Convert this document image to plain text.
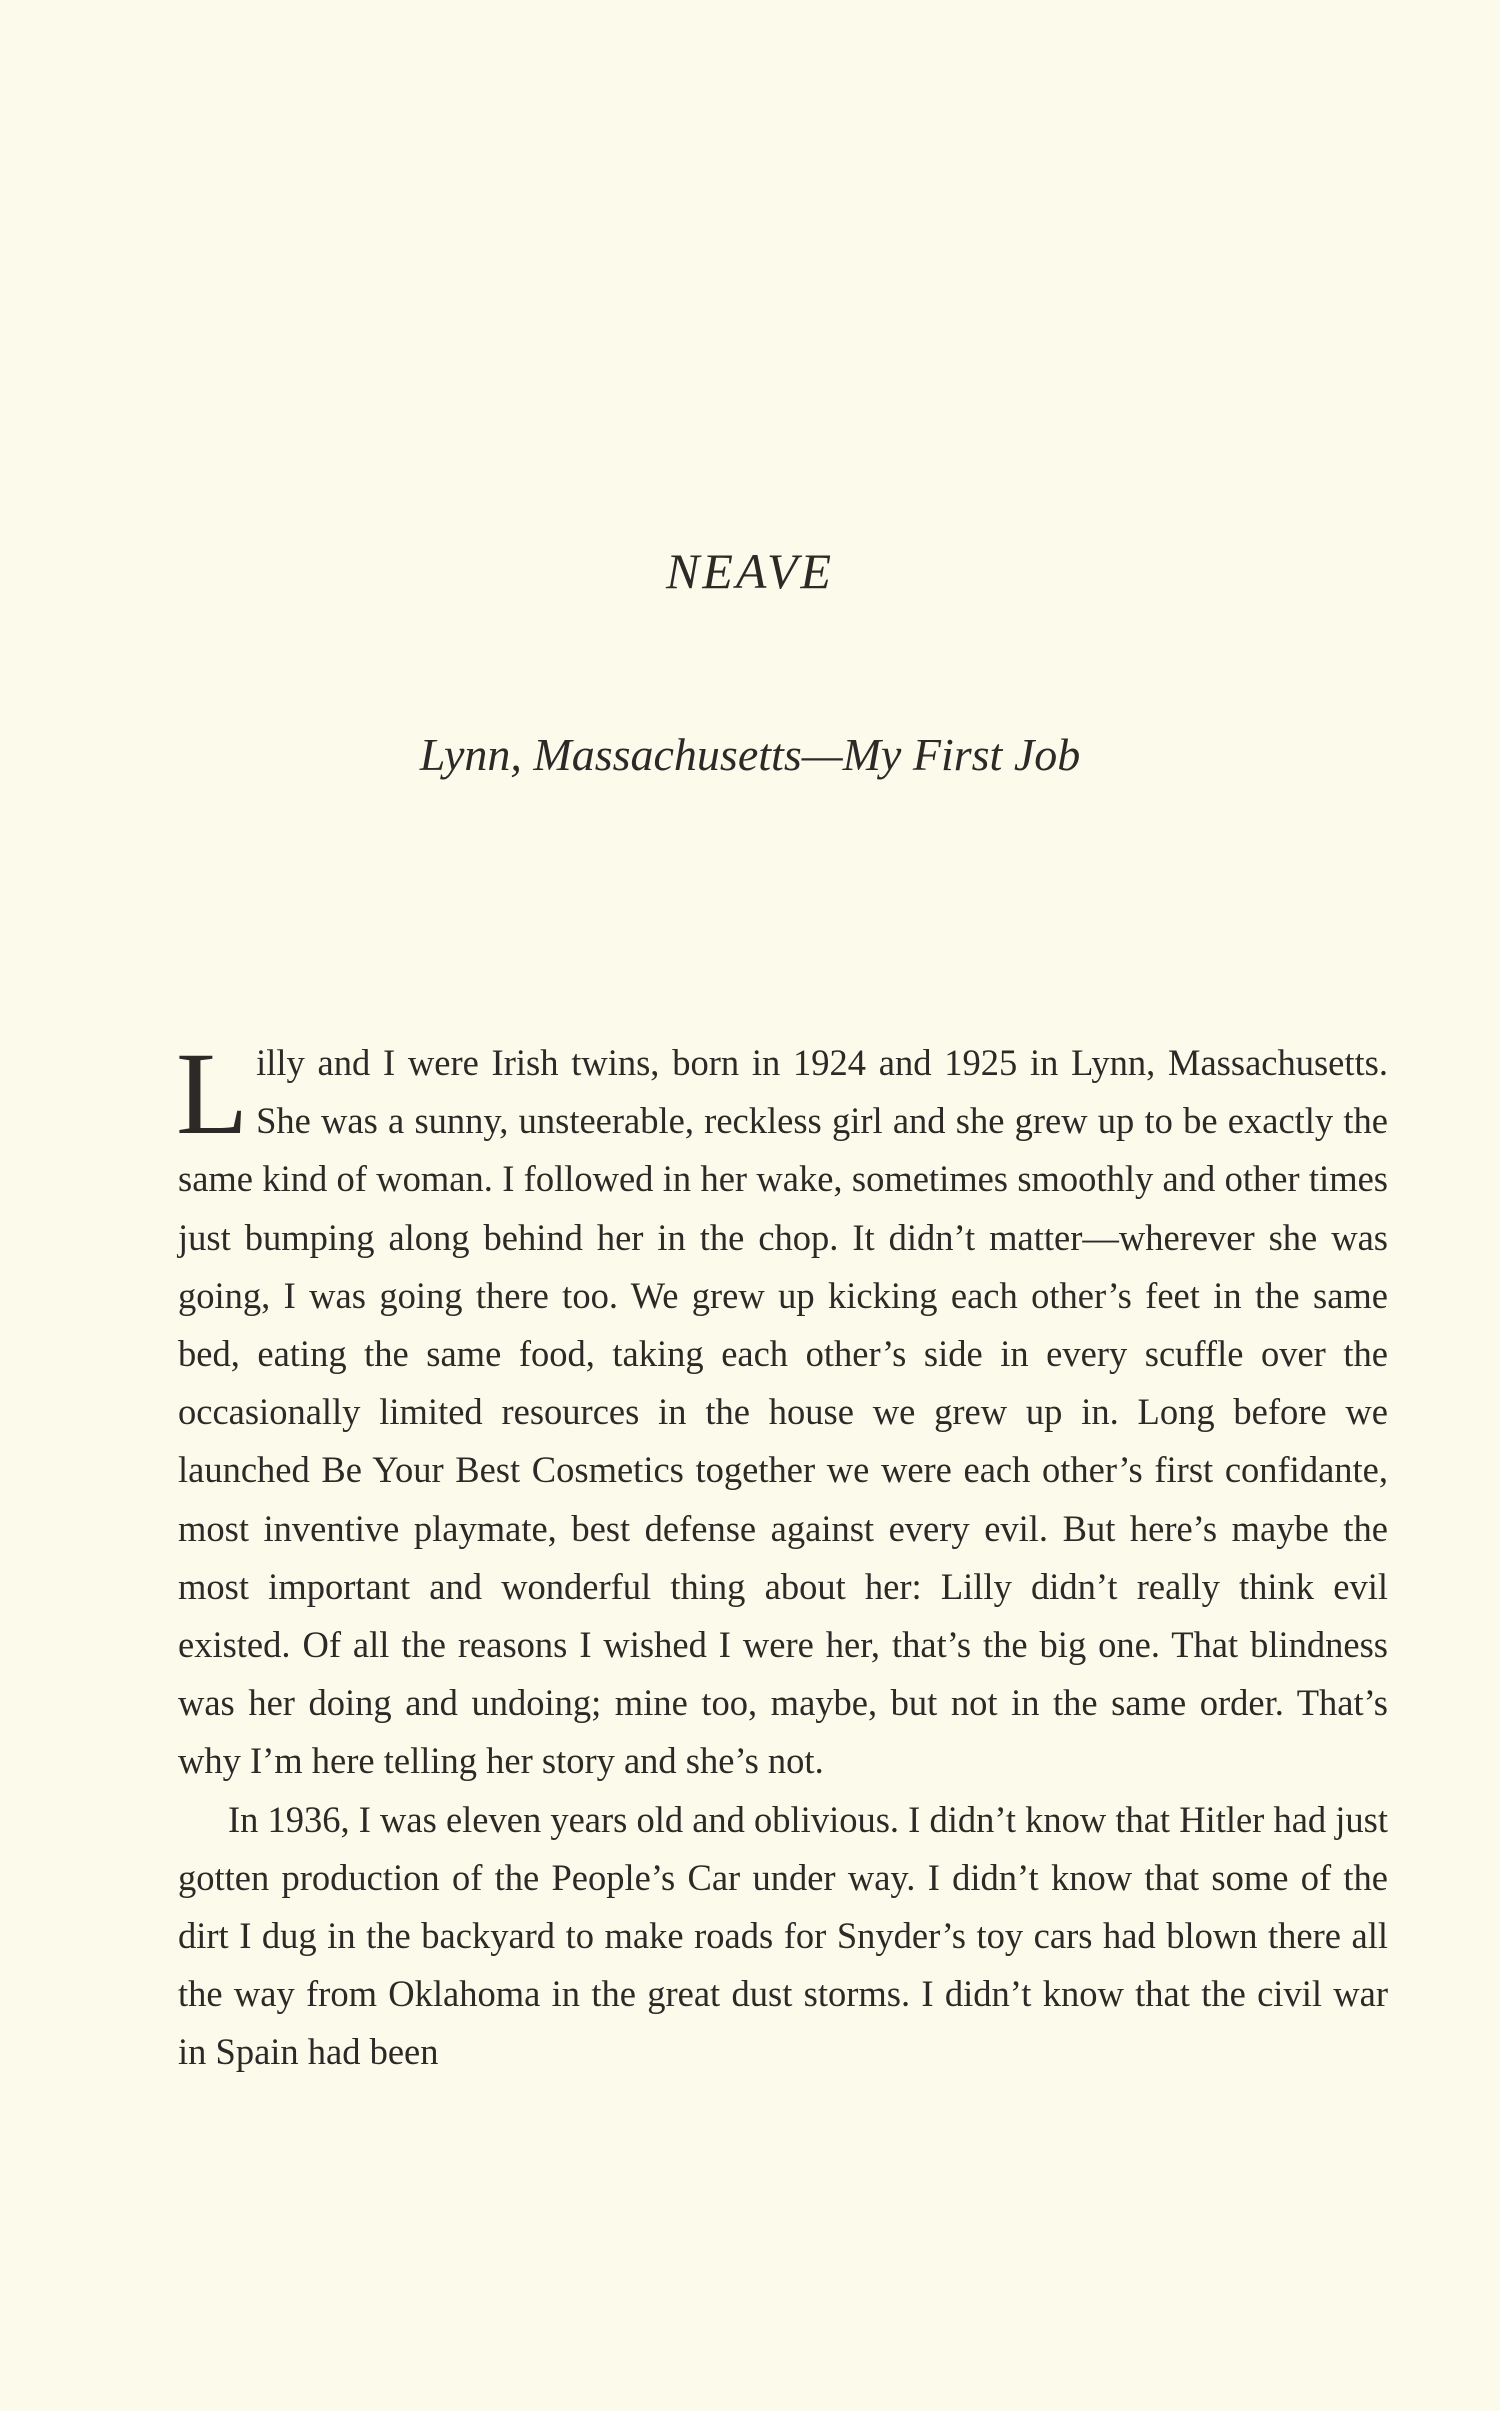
NEAVE
Lynn, Massachusetts—My First Job

Lilly and I were Irish twins, born in 1924 and 1925 in Lynn, Massachusetts. She was a sunny, unsteerable, reckless girl and she grew up to be exactly the same kind of woman. I followed in her wake, sometimes smoothly and other times just bumping along behind her in the chop. It didn’t matter—wherever she was going, I was going there too. We grew up kicking each other’s feet in the same bed, eating the same food, taking each other’s side in every scuffle over the occasionally limited resources in the house we grew up in. Long before we launched Be Your Best Cosmetics together we were each other’s first confidante, most inventive playmate, best defense against every evil. But here’s maybe the most important and wonderful thing about her: Lilly didn’t really think evil existed. Of all the reasons I wished I were her, that’s the big one. That blindness was her doing and undoing; mine too, maybe, but not in the same order. That’s why I’m here telling her story and she’s not.

In 1936, I was eleven years old and oblivious. I didn’t know that Hitler had just gotten production of the People’s Car under way. I didn’t know that some of the dirt I dug in the backyard to make roads for Snyder’s toy cars had blown there all the way from Oklahoma in the great dust storms. I didn’t know that the civil war in Spain had been
